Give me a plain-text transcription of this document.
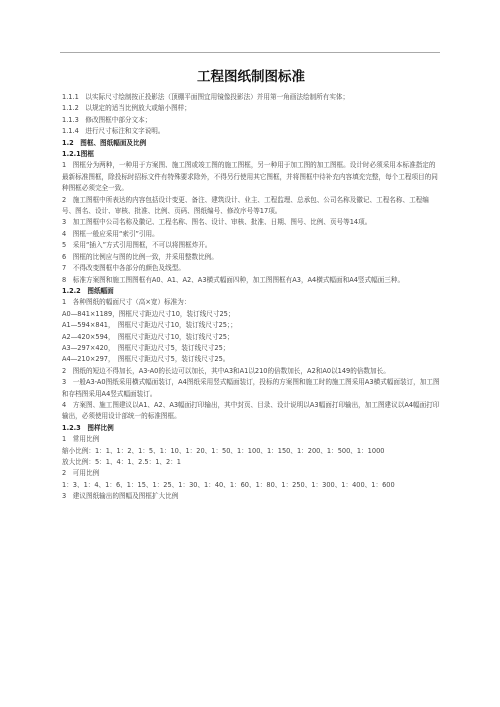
工程图纸制图标准
1.1.1　以实际尺寸绘制按正投影法（顶棚平面图宜用镜像投影法）并用第一角画法绘制所有实体；
1.1.2　以规定的适当比例放大或缩小图样；
1.1.3　修改图框中部分文本；
1.1.4　进行尺寸标注和文字说明。
1.2　图框、图纸幅面及比例
1.2.1图框
1　图框分为两种，一种用于方案图、施工图或竣工图的施工图框，另一种用于加工图的加工图框。设计时必须采用本标准指定的最新标准图框，除投标时招标文件有特殊要求除外，不得另行使用其它图框，并将图框中待补充内容填充完整，每个工程项目的同种图框必须完全一致。
2　施工图框中所表达的内容包括设计变更、备注、建筑设计、业主、工程监理、总承包、公司名称及徽记、工程名称、工程编号、图名、设计、审核、批准、比例、页码、图纸编号、修改序号等17项。
3　加工图框中公司名称及徽记、工程名称、图名、设计、审核、批准、日期、图号、比例、页号等14项。
4　图框一般应采用“索引”引用。
5　采用“插入”方式引用图框，不可以将图框炸开。
6　图框的比例应与图的比例一致，并采用整数比例。
7　不得改变图框中各部分的颜色及线型。
8　标准方案图和施工图图框有A0、A1、A2、A3横式幅面四种，加工图图框有A3，A4横式幅面和A4竖式幅面三种。
1.2.2　图纸幅面
1　各种图纸的幅面尺寸（高×宽）标准为：
A0—841×1189，图框尺寸距边尺寸10，装订线尺寸25；
A1—594×841，　图框尺寸距边尺寸10，装订线尺寸25；；
A2—420×594，　图框尺寸距边尺寸10，装订线尺寸25；
A3—297×420，　图框尺寸距边尺寸5，装订线尺寸25；
A4—210×297，　图框尺寸距边尺寸5，装订线尺寸25。
2　图纸的短边不得加长，A3-A0的长边可以加长，其中A3和A1以210的倍数加长，A2和A0以149的倍数加长。
3　一般A3-A0图纸采用横式幅面装订，A4图纸采用竖式幅面装订，投标的方案图和施工时的施工图采用A3横式幅面装订，加工图和存档图采用A4竖式幅面装订。
4　方案图、施工图建议以A1、A2、A3幅面打印输出，其中封页、目录、设计说明以A3幅面打印输出，加工图建议以A4幅面打印输出，必须使用设计部统一的标准图框。
1.2.3　图样比例
1　常用比例
缩小比例：1：1、1：2、1：5、1：10、1：20、1：50、1：100、1：150、1：200、1：500、1：1000
放大比例：5：1、4：1、2.5：1、2：1
2　可用比例
1：3、1：4、1：6、1：15、1：25、1：30、1：40、1：60、1：80、1：250、1：300、1：400、1：600
3　建议图纸输出的图幅及图框扩大比例
